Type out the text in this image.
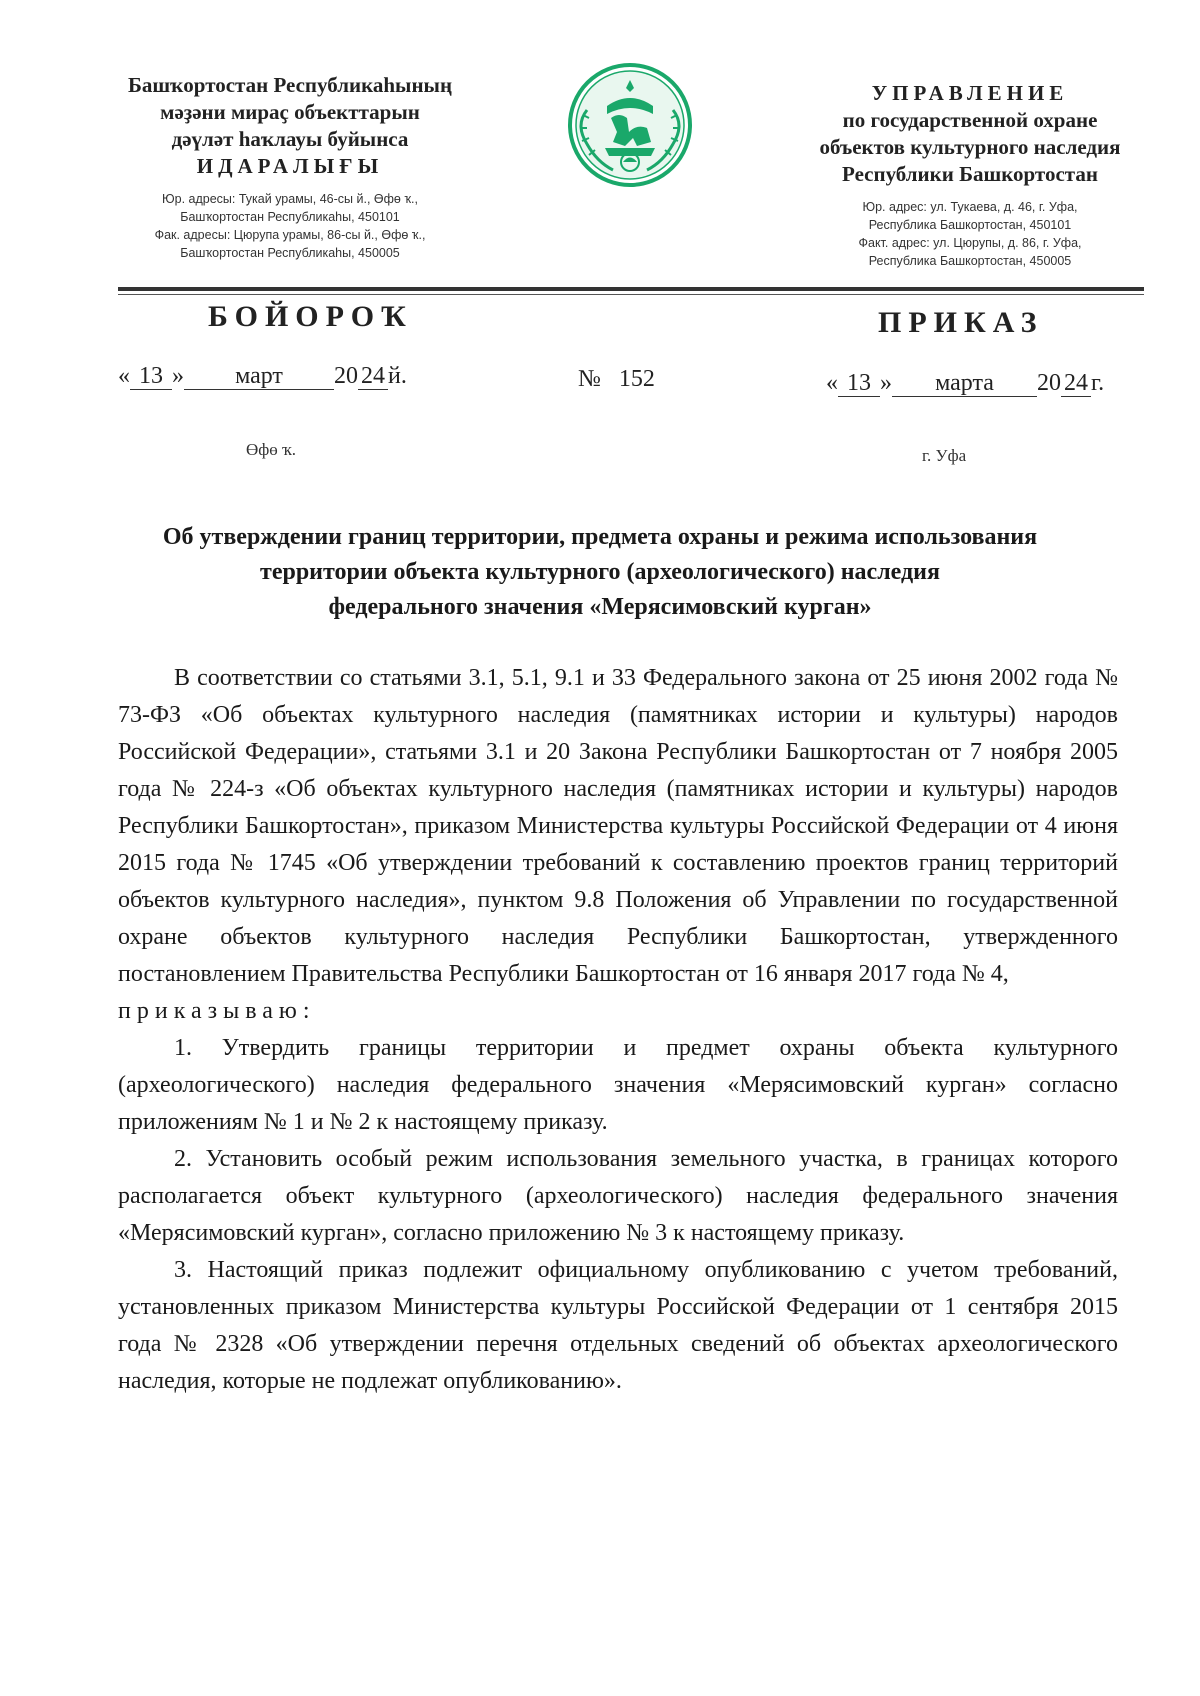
Башҡортостан Республикаһының
мәҙәни мираҫ объекттарын
дәүләт һаҡлауы буйынса
ИДАРАЛЫҒЫ
Юр. адресы: Тукай урамы, 46-сы й., Өфө ҡ.,
Башҡортостан Республикаһы, 450101
Фак. адресы: Цюрупа урамы, 86-сы й., Өфө ҡ.,
Башҡортостан Республикаһы, 450005
УПРАВЛЕНИЕ
по государственной охране
объектов культурного наследия
Республики Башкортостан
Юр. адрес: ул. Тукаева, д. 46, г. Уфа,
Республика Башкортостан, 450101
Факт. адрес: ул. Цюрупы, д. 86, г. Уфа,
Республика Башкортостан, 450005
БОЙОРОҠ	ПРИКАЗ
« 13 » март 20 24 й.	№ 152	« 13 » марта 20 24 г.
Өфө ҡ.	г. Уфа
Об утверждении границ территории, предмета охраны и режима использования
территории объекта культурного (археологического) наследия
федерального значения «Мерясимовский курган»

В соответствии со статьями 3.1, 5.1, 9.1 и 33 Федерального закона от 25 июня 2002 года № 73-ФЗ «Об объектах культурного наследия (памятниках истории и культуры) народов Российской Федерации», статьями 3.1 и 20 Закона Республики Башкортостан от 7 ноября 2005 года № 224-з «Об объектах культурного наследия (памятниках истории и культуры) народов Республики Башкортостан», приказом Министерства культуры Российской Федерации от 4 июня 2015 года № 1745 «Об утверждении требований к составлению проектов границ территорий объектов культурного наследия», пунктом 9.8 Положения об Управлении по государственной охране объектов культурного наследия Республики Башкортостан, утвержденного постановлением Правительства Республики Башкортостан от 16 января 2017 года № 4,

приказываю:

1. Утвердить границы территории и предмет охраны объекта культурного (археологического) наследия федерального значения «Мерясимовский курган» согласно приложениям № 1 и № 2 к настоящему приказу.

2. Установить особый режим использования земельного участка, в границах которого располагается объект культурного (археологического) наследия федерального значения «Мерясимовский курган», согласно приложению № 3 к настоящему приказу.

3. Настоящий приказ подлежит официальному опубликованию с учетом требований, установленных приказом Министерства культуры Российской Федерации от 1 сентября 2015 года № 2328 «Об утверждении перечня отдельных сведений об объектах археологического наследия, которые не подлежат опубликованию».
